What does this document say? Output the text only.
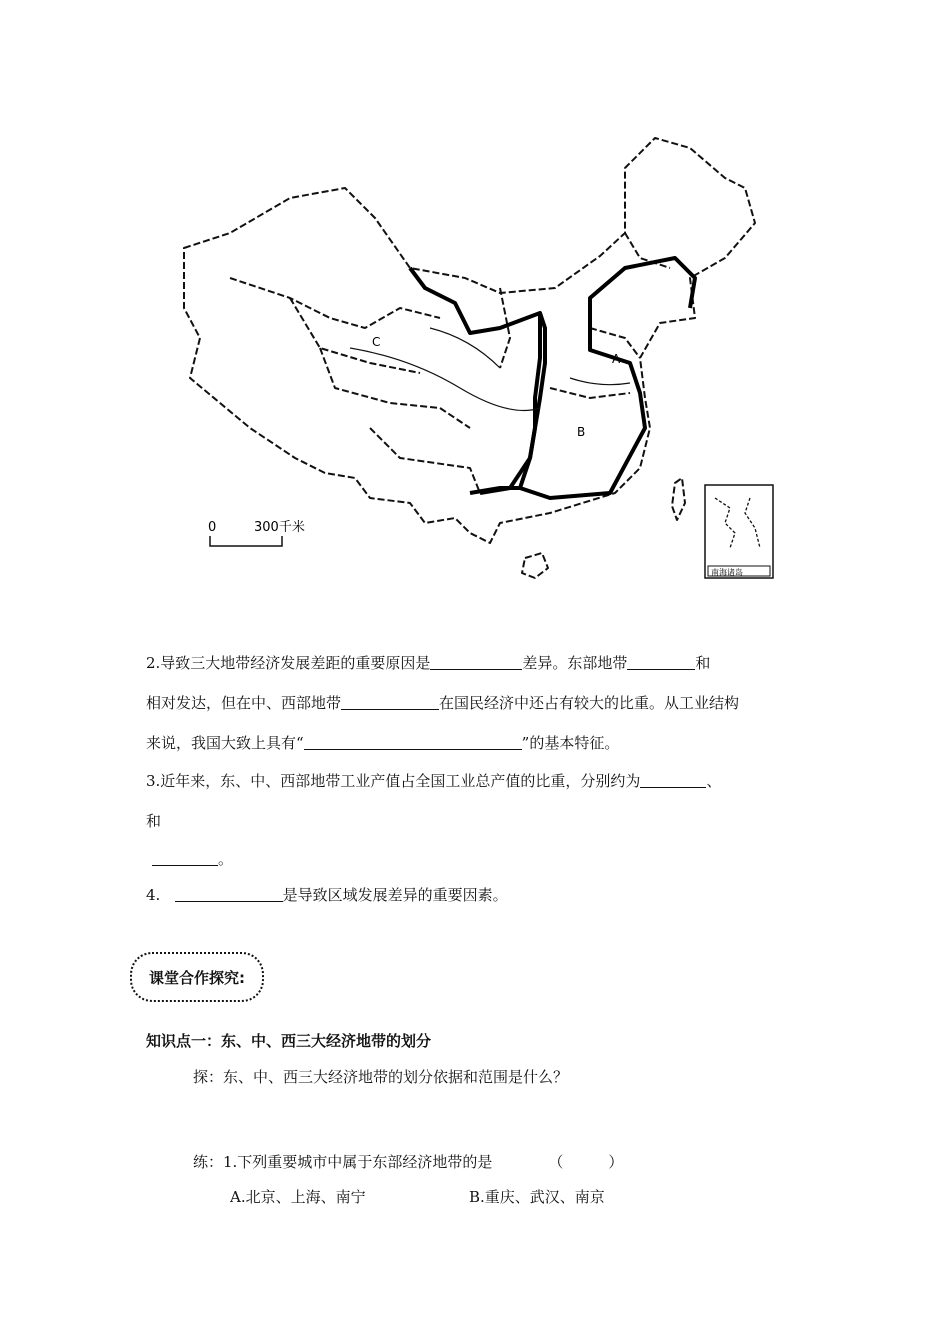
A
B
C
0	300千米
南海诸岛
2.导致三大地带经济发展差距的重要原因是	差异。东部地带	和
相对发达，但在中、西部地带	在国民经济中还占有较大的比重。从工业结构
来说，我国大致上具有“	”的基本特征。
3.近年来，东、中、西部地带工业产值占全国工业总产值的比重，分别约为	、
和
。
4.	是导致区域发展差异的重要因素。
课堂合作探究:
知识点一：东、中、西三大经济地带的划分
探：东、中、西三大经济地带的划分依据和范围是什么？
练：1.下列重要城市中属于东部经济地带的是	（　　　）
A.北京、上海、南宁	B.重庆、武汉、南京
